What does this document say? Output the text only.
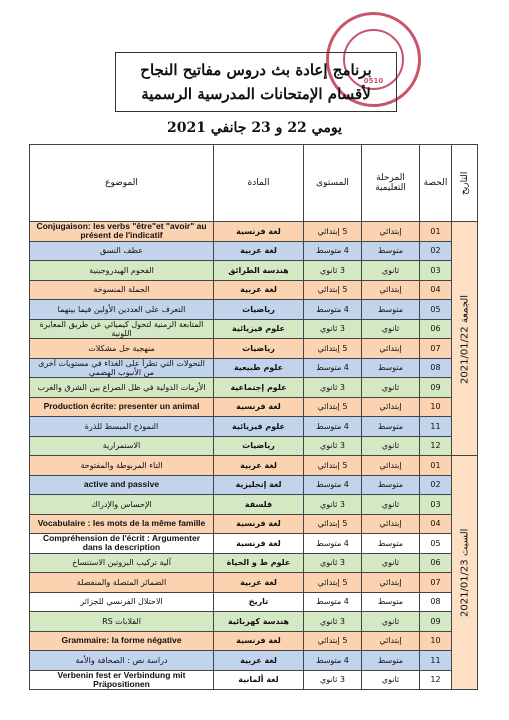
0510
برنامج إعادة بث دروس مفاتيح النجاح
لأقسام الإمتحانات المدرسية الرسمية
يومي 22 و 23 جانفي 2021
التاريخ	الحصة	المرحلة التعليمية	المستوى	المادة	الموضوع
الجمعة 2021/01/22	01	إبتدائي	5 إبتدائي	لغة فرنسية	Conjugaison: les verbs "être"et "avoir" au présent de l'indicatif
	02	متوسط	4 متوسط	لغة عربية	عطف النسق
	03	ثانوي	3 ثانوي	هندسة الطرائق	الفحوم الهيدروجينية
	04	إبتدائي	5 إبتدائي	لغة عربية	الجملة المنسوخة
	05	متوسط	4 متوسط	رياضيات	التعرف على العددين الأولين فيما بينهما
	06	ثانوي	3 ثانوي	علوم فيزيائية	المتابعة الزمنية لتحول كيميائي عن طريق المعايرة اللونية
	07	إبتدائي	5 إبتدائي	رياضيات	منهجية حل مشكلات
	08	متوسط	4 متوسط	علوم طبيعية	التحولات التي تطرأ على الغذاء في مستويات أخرى من الأنبوب الهضمي
	09	ثانوي	3 ثانوي	علوم إجتماعية	الأزمات الدولية في ظل الصراع بين الشرق والغرب
	10	إبتدائي	5 إبتدائي	لغة فرنسية	Production écrite: presenter un animal
	11	متوسط	4 متوسط	علوم فيزيائية	النموذج المبسط للذرة
	12	ثانوي	3 ثانوي	رياضيات	الاستمرارية
السبت 2021/01/23	01	إبتدائي	5 إبتدائي	لغة عربية	التاء المربوطة والمفتوحة
	02	متوسط	4 متوسط	لغة إنجليزية	active and passive
	03	ثانوي	3 ثانوي	فلسفة	الإحساس والإدراك
	04	إبتدائي	5 إبتدائي	لغة فرنسية	Vocabulaire : les mots de la même famille
	05	متوسط	4 متوسط	لغة فرنسية	Compréhension de l'écrit : Argumenter dans la description
	06	ثانوي	3 ثانوي	علوم ط و الحياة	آلية تركيب البروتين الاستنساخ
	07	إبتدائي	5 إبتدائي	لغة عربية	الضمائر المتصلة والمنفصلة
	08	متوسط	4 متوسط	تاريخ	الاحتلال الفرنسي للجزائر
	09	ثانوي	3 ثانوي	هندسة كهربائية	القلابات RS
	10	إبتدائي	5 إبتدائي	لغة فرنسية	Grammaire: la forme négative
	11	متوسط	4 متوسط	لغة عربية	دراسة نص : الصحافة والأمة
	12	ثانوي	3 ثانوي	لغة ألمانية	Verbenin fest er Verbindung mit Präpositionen
